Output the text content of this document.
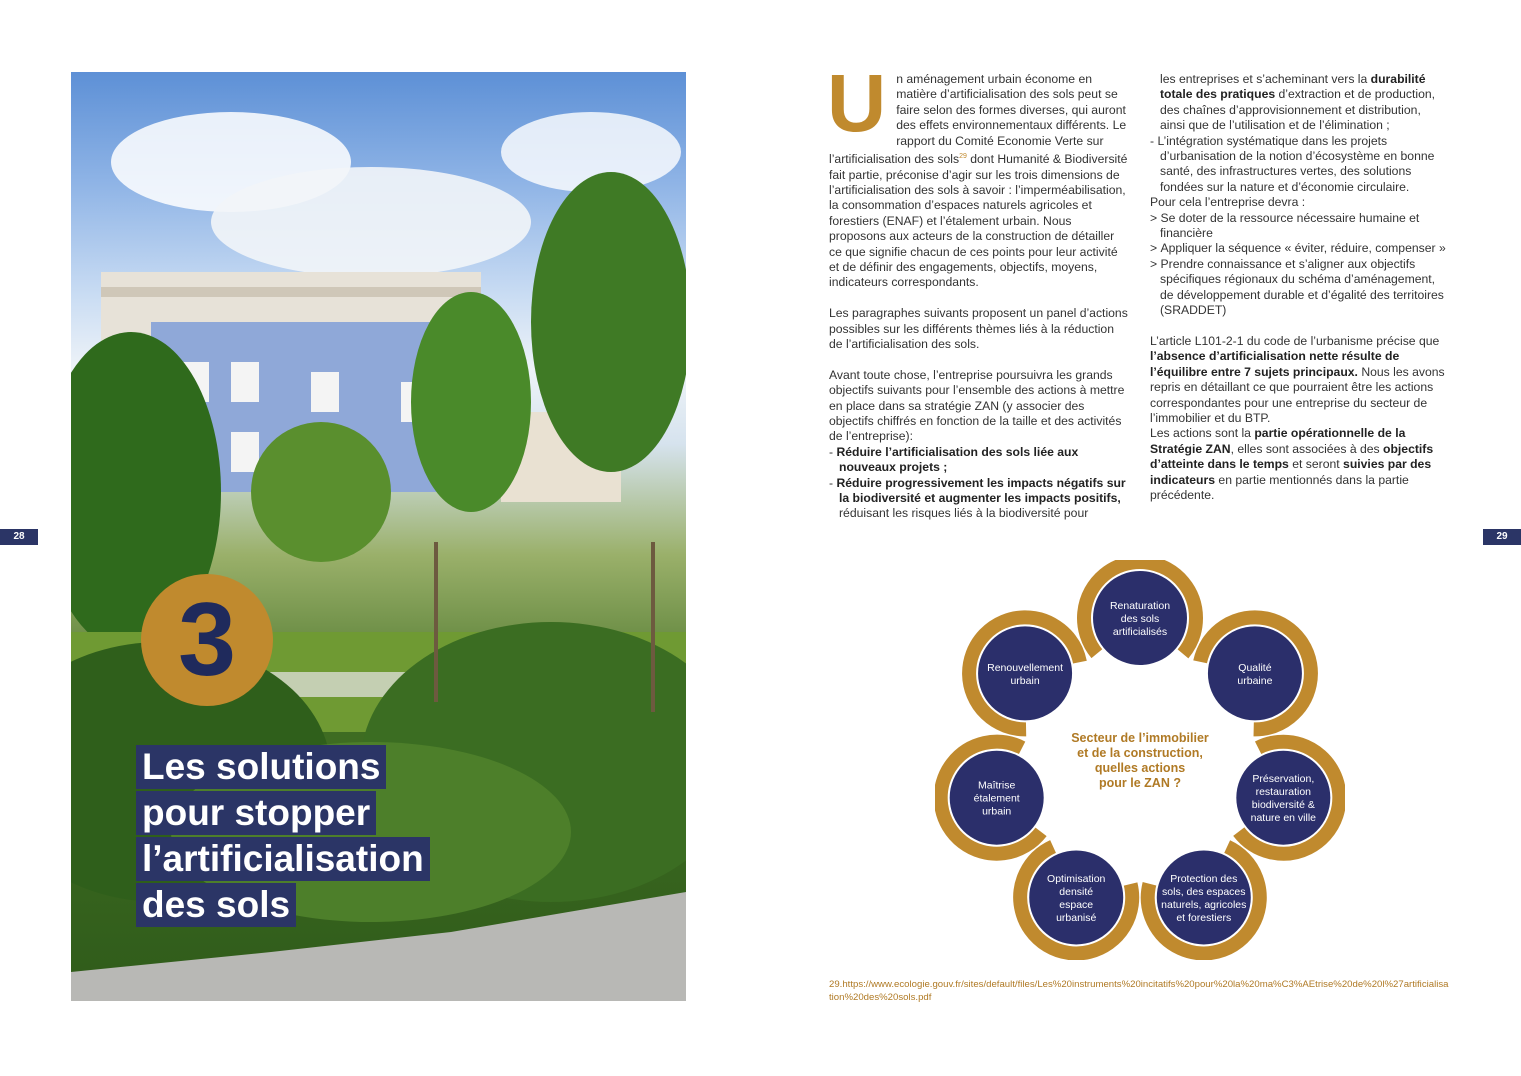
3
Les solutions
pour stopper
l’artificialisation
des sols
28	29

Un aménagement urbain économe en matière d’artificialisation des sols peut se faire selon des formes diverses, qui auront des effets environnementaux différents. Le rapport du Comité Economie Verte sur l’artificialisation des sols$^{29}$ dont Humanité & Biodiversité fait partie, préconise d’agir sur les trois dimensions de l’artificialisation des sols à savoir : l’imperméabilisation, la consommation d’espaces naturels agricoles et forestiers (ENAF) et l’étalement urbain. Nous proposons aux acteurs de la construction de détailler ce que signifie chacun de ces points pour leur activité et de définir des engagements, objectifs, moyens, indicateurs correspondants.

Les paragraphes suivants proposent un panel d’actions possibles sur les différents thèmes liés à la réduction de l’artificialisation des sols.

Avant toute chose, l’entreprise poursuivra les grands objectifs suivants pour l’ensemble des actions à mettre en place dans sa stratégie ZAN (y associer des objectifs chiffrés en fonction de la taille et des activités de l’entreprise):

- Réduire l’artificialisation des sols liée aux nouveaux projets ;

- Réduire progressivement les impacts négatifs sur la biodiversité et augmenter les impacts positifs, réduisant les risques liés à la biodiversité pour

les entreprises et s’acheminant vers la durabilité totale des pratiques d’extraction et de production, des chaînes d’approvisionnement et distribution, ainsi que de l’utilisation et de l’élimination ;

- L’intégration systématique dans les projets d’urbanisation de la notion d’écosystème en bonne santé, des infrastructures vertes, des solutions fondées sur la nature et d’économie circulaire.

Pour cela l’entreprise devra :

> Se doter de la ressource nécessaire humaine et financière

> Appliquer la séquence « éviter, réduire, compenser »

> Prendre connaissance et s’aligner aux objectifs spécifiques régionaux du schéma d’aménagement, de développement durable et d’égalité des territoires (SRADDET)

L’article L101-2-1 du code de l’urbanisme précise que l’absence d’artificialisation nette résulte de l’équilibre entre 7 sujets principaux. Nous les avons repris en détaillant ce que pourraient être les actions correspondantes pour une entreprise du secteur de l’immobilier et du BTP.

Les actions sont la partie opérationnelle de la Stratégie ZAN, elles sont associées à des objectifs d’atteinte dans le temps et seront suivies par des indicateurs en partie mentionnés dans la partie précédente.

Renaturation
des sols
artificialisés
Qualité
urbaine
Préservation,
restauration
biodiversité &
nature en ville
Protection des
sols, des espaces
naturels, agricoles
et forestiers
Optimisation
densité
espace
urbanisé
Maîtrise
étalement
urbain
Renouvellement
urbain
Secteur de l’immobilier
et de la construction,
quelles actions
pour le ZAN ?
29.https://www.ecologie.gouv.fr/sites/default/files/Les%20instruments%20incitatifs%20pour%20la%20ma%C3%AEtrise%20de%20l%27artificialisation%20des%20sols.pdf
